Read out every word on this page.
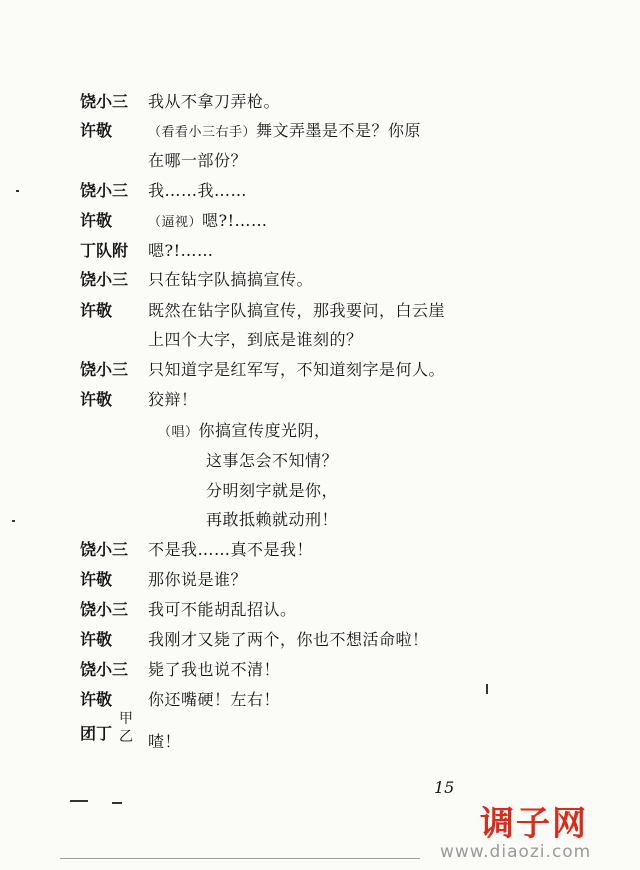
饶小三 我从不拿刀弄枪。
许敬	（看看小三右手）舞文弄墨是不是？你原
在哪一部份？
饶小三 我……我……
许敬	（逼视）嗯?!……
丁队附 嗯?!……
饶小三 只在钻字队搞搞宣传。
许敬 既然在钻字队搞宣传，那我要问，白云崖
上四个大字，到底是谁刻的？
饶小三 只知道字是红军写，不知道刻字是何人。
许敬 狡辩！
（唱）你搞宣传度光阴，
这事怎会不知情？
分明刻字就是你，
再敢抵赖就动刑！
饶小三 不是我……真不是我！
许敬 那你说是谁？
饶小三 我可不能胡乱招认。
许敬 我刚才又毙了两个，你也不想活命啦！
饶小三 毙了我也说不清！
许敬 你还嘴硬！左右！
团丁
甲
乙 喳！
15
调子网
www.diaozi.com
